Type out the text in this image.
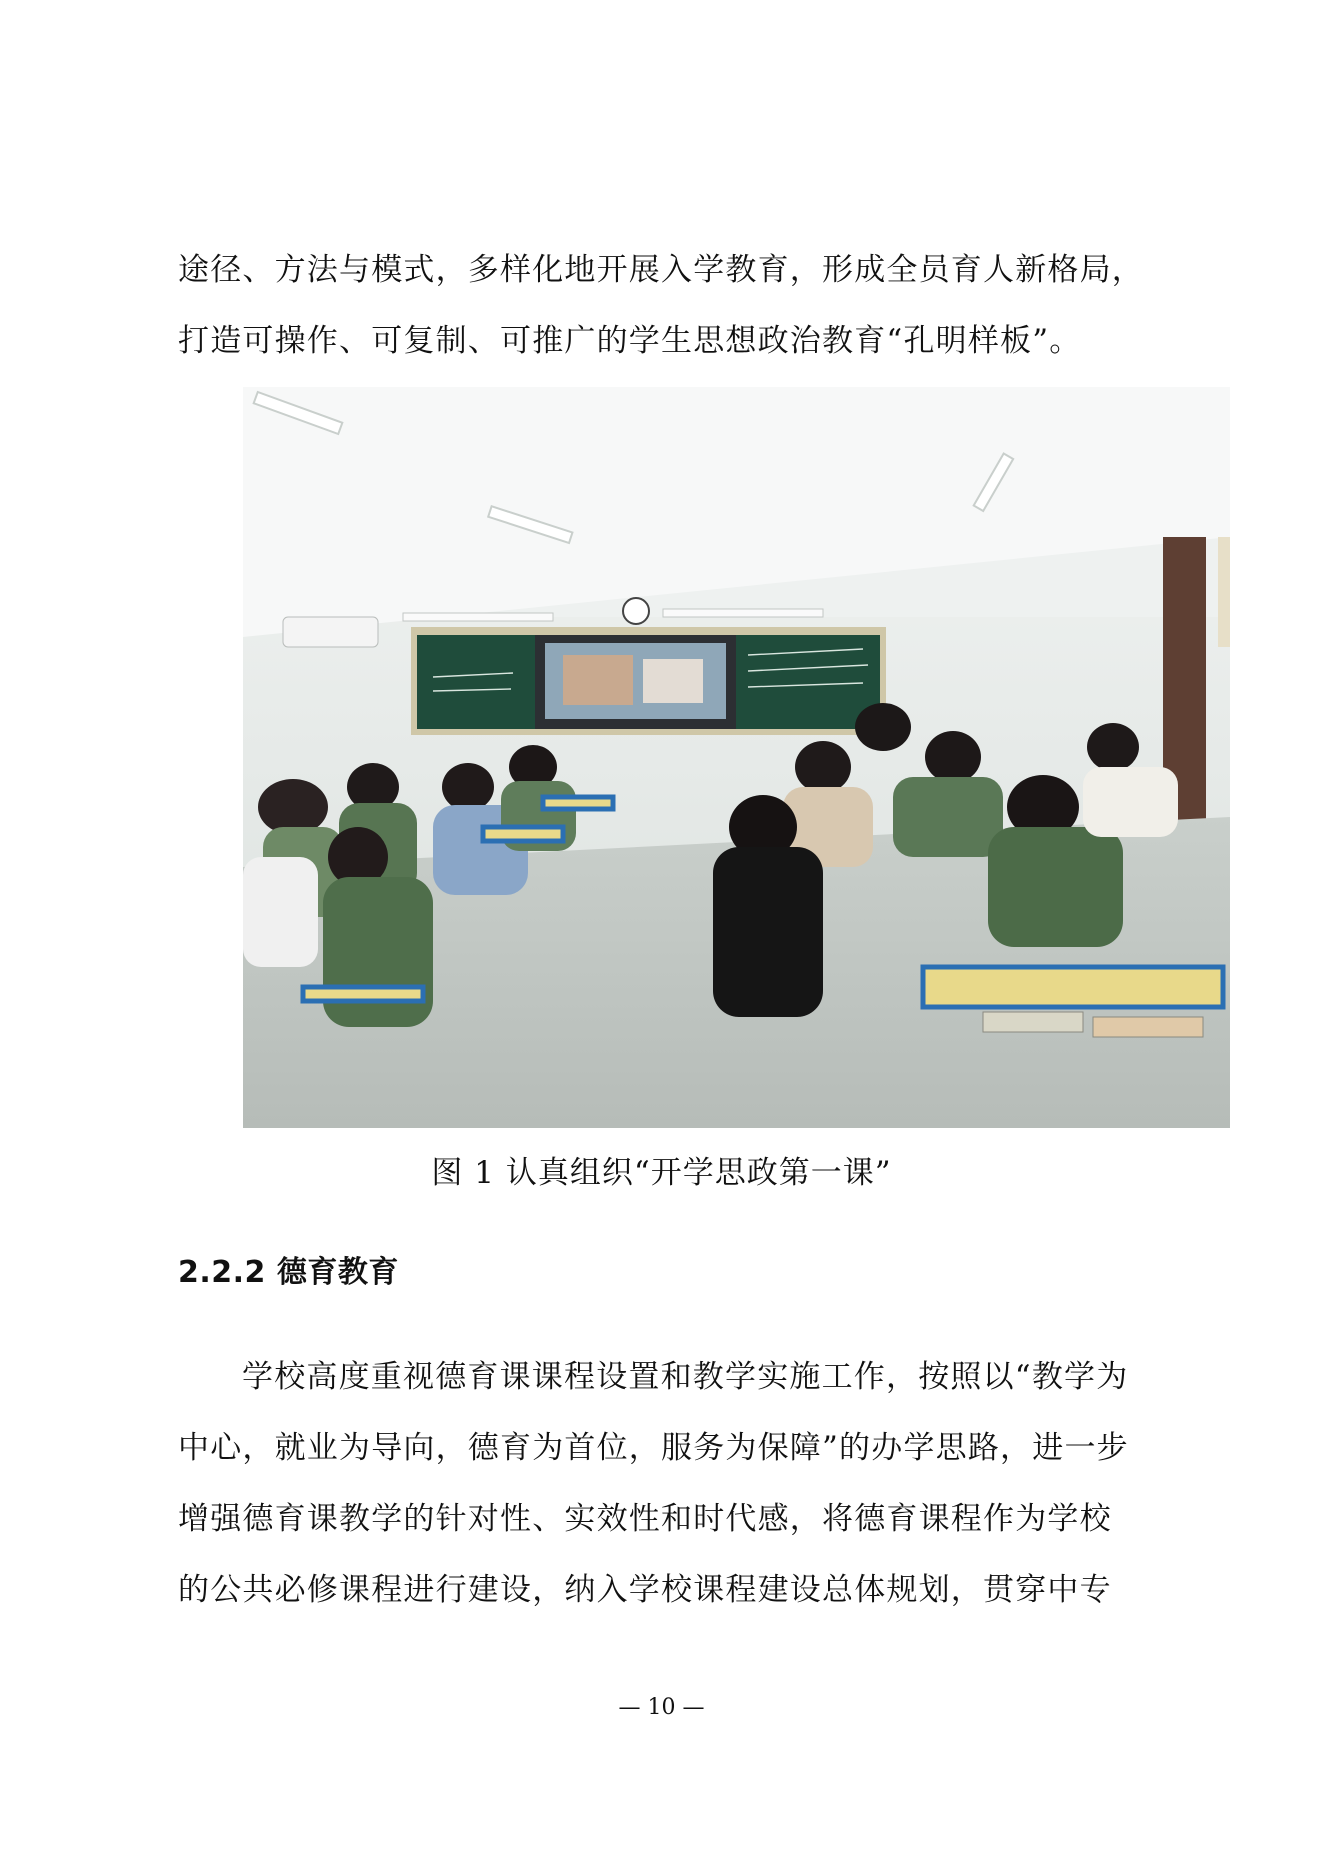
途径、方法与模式，多样化地开展入学教育，形成全员育人新格局，
打造可操作、可复制、可推广的学生思想政治教育“孔明样板”。
图 1 认真组织“开学思政第一课”
2.2.2 德育教育
学校高度重视德育课课程设置和教学实施工作，按照以“教学为
中心，就业为导向，德育为首位，服务为保障”的办学思路，进一步
增强德育课教学的针对性、实效性和时代感，将德育课程作为学校
的公共必修课程进行建设，纳入学校课程建设总体规划，贯穿中专
— 10 —
